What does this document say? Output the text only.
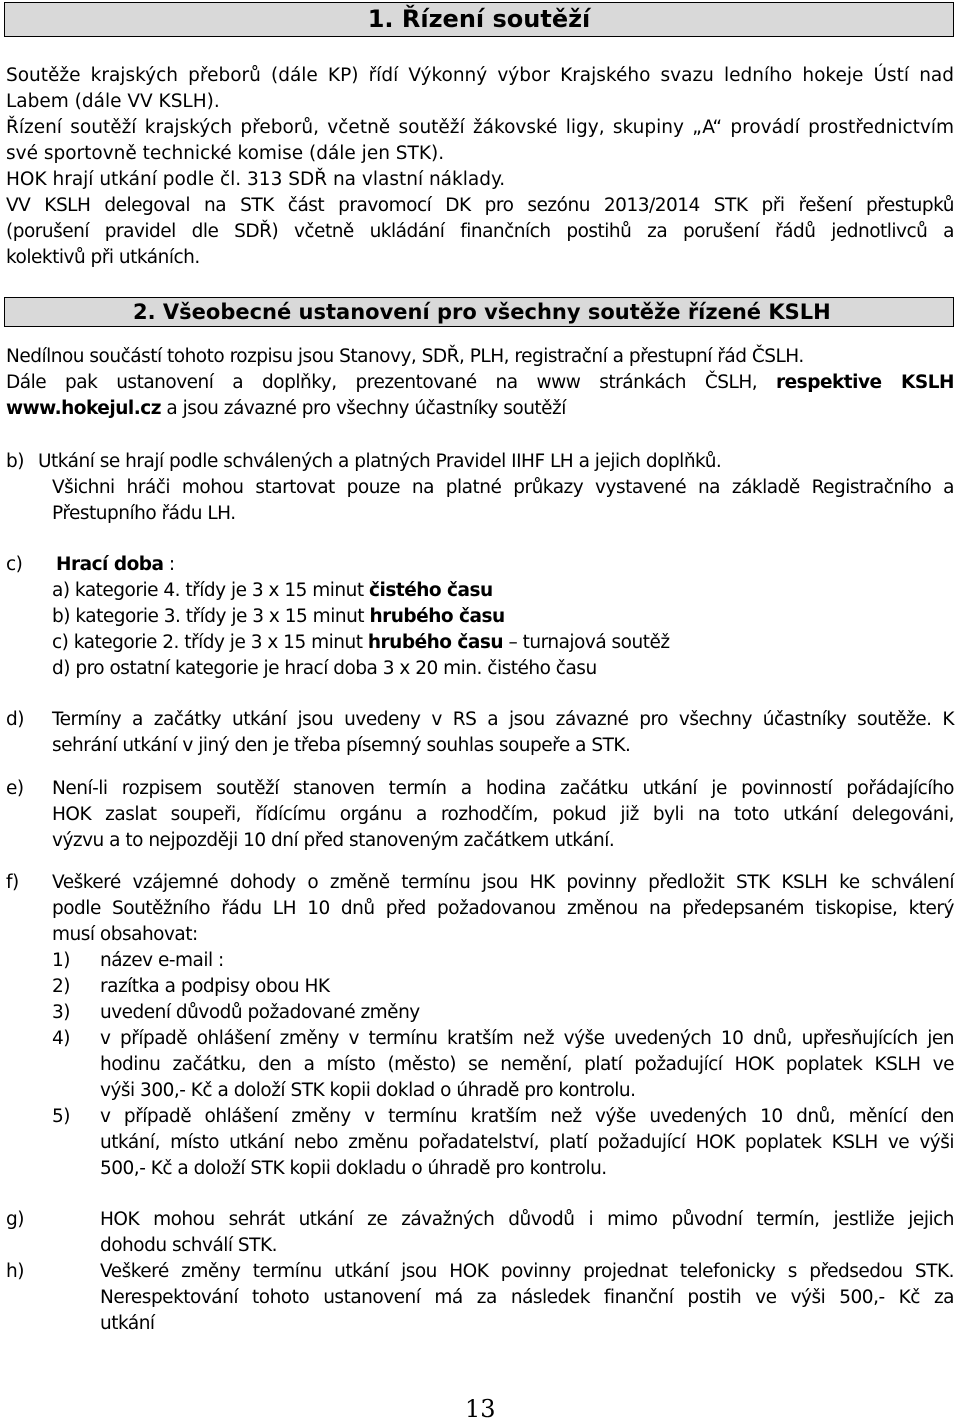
1. Řízení soutěží
Soutěže krajských přeborů (dále KP) řídí Výkonný výbor Krajského svazu ledního hokeje Ústí nad
Labem (dále VV KSLH).
Řízení soutěží krajských přeborů, včetně soutěží žákovské ligy, skupiny „A“ provádí prostřednictvím
své sportovně technické komise (dále jen STK).
HOK hrají utkání podle čl. 313 SDŘ na vlastní náklady.
VV KSLH delegoval na STK část pravomocí DK pro sezónu 2013/2014 STK při řešení přestupků
(porušení pravidel dle SDŘ) včetně ukládání finančních postihů za porušení řádů jednotlivců a
kolektivů při utkáních.
2. Všeobecné ustanovení pro všechny soutěže řízené KSLH
Nedílnou součástí tohoto rozpisu jsou Stanovy, SDŘ, PLH, registrační a přestupní řád ČSLH.
Dále pak ustanovení a doplňky, prezentované na www stránkách ČSLH, respektive KSLH
www.hokejul.cz a jsou závazné pro všechny účastníky soutěží
b) Utkání se hrají podle schválených a platných Pravidel IIHF LH a jejich doplňků.
Všichni hráči mohou startovat pouze na platné průkazy vystavené na základě Registračního a
Přestupního řádu LH.
c) Hrací doba :
a) kategorie 4. třídy je 3 x 15 minut čistého času
b) kategorie 3. třídy je 3 x 15 minut hrubého času
c) kategorie 2. třídy je 3 x 15 minut hrubého času – turnajová soutěž
d) pro ostatní kategorie je hrací doba 3 x 20 min. čistého času
d) Termíny a začátky utkání jsou uvedeny v RS a jsou závazné pro všechny účastníky soutěže. K
sehrání utkání v jiný den je třeba písemný souhlas soupeře a STK.
e) Není-li rozpisem soutěží stanoven termín a hodina začátku utkání je povinností pořádajícího
HOK zaslat soupeři, řídícímu orgánu a rozhodčím, pokud již byli na toto utkání delegováni,
výzvu a to nejpozději 10 dní před stanoveným začátkem utkání.
f) Veškeré vzájemné dohody o změně termínu jsou HK povinny předložit STK KSLH ke schválení
podle Soutěžního řádu LH 10 dnů před požadovanou změnou na předepsaném tiskopise, který
musí obsahovat:
1) název e-mail :
2) razítka a podpisy obou HK
3) uvedení důvodů požadované změny
4) v případě ohlášení změny v termínu kratším než výše uvedených 10 dnů, upřesňujících jen
hodinu začátku, den a místo (město) se nemění, platí požadující HOK poplatek KSLH ve
výši 300,- Kč a doloží STK kopii doklad o úhradě pro kontrolu.
5) v případě ohlášení změny v termínu kratším než výše uvedených 10 dnů, měnící den
utkání, místo utkání nebo změnu pořadatelství, platí požadující HOK poplatek KSLH ve výši
500,- Kč a doloží STK kopii dokladu o úhradě pro kontrolu.
g)	HOK mohou sehrát utkání ze závažných důvodů i mimo původní termín, jestliže jejich
dohodu schválí STK.
h)	Veškeré změny termínu utkání jsou HOK povinny projednat telefonicky s předsedou STK.
Nerespektování tohoto ustanovení má za následek finanční postih ve výši 500,- Kč za
utkání
13
